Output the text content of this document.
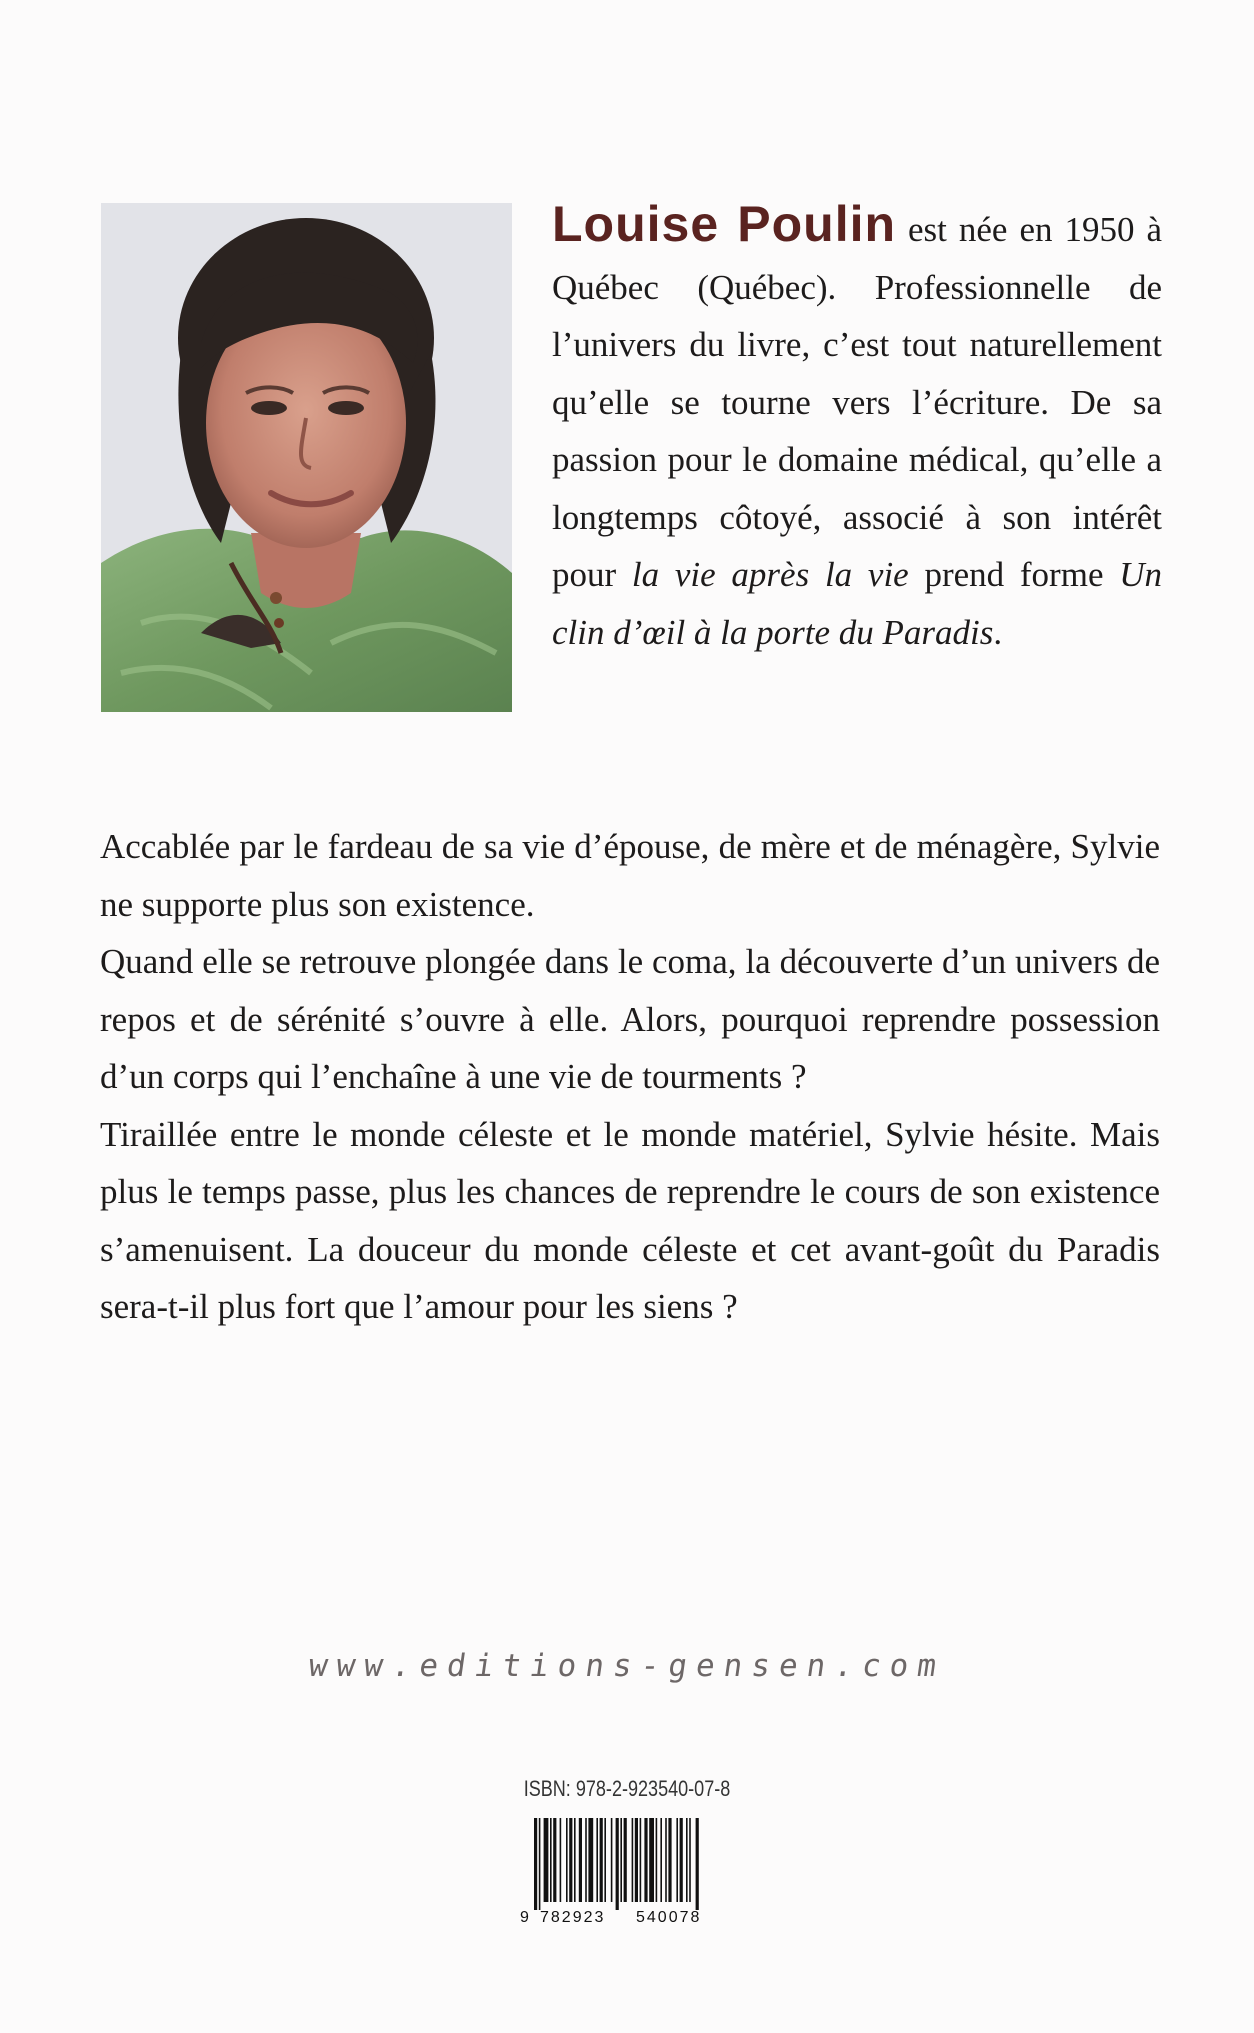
Louise Poulin est née en 1950 à Québec (Québec). Professionnelle de l’univers du livre, c’est tout naturellement qu’elle se tourne vers l’écriture. De sa passion pour le domaine médical, qu’elle a longtemps côtoyé, associé à son intérêt pour la vie après la vie prend forme Un clin d’œil à la porte du Paradis.

Accablée par le fardeau de sa vie d’épouse, de mère et de ménagère, Sylvie ne supporte plus son existence.

Quand elle se retrouve plongée dans le coma, la découverte d’un univers de repos et de sérénité s’ouvre à elle. Alors, pourquoi reprendre possession d’un corps qui l’enchaîne à une vie de tourments ?

Tiraillée entre le monde céleste et le monde matériel, Sylvie hésite. Mais plus le temps passe, plus les chances de reprendre le cours de son existence s’amenuisent. La douceur du monde céleste et cet avant-goût du Paradis sera-t-il plus fort que l’amour pour les siens ?

www.editions-gensen.com
ISBN: 978-2-923540-07-8
9 782923 540078
